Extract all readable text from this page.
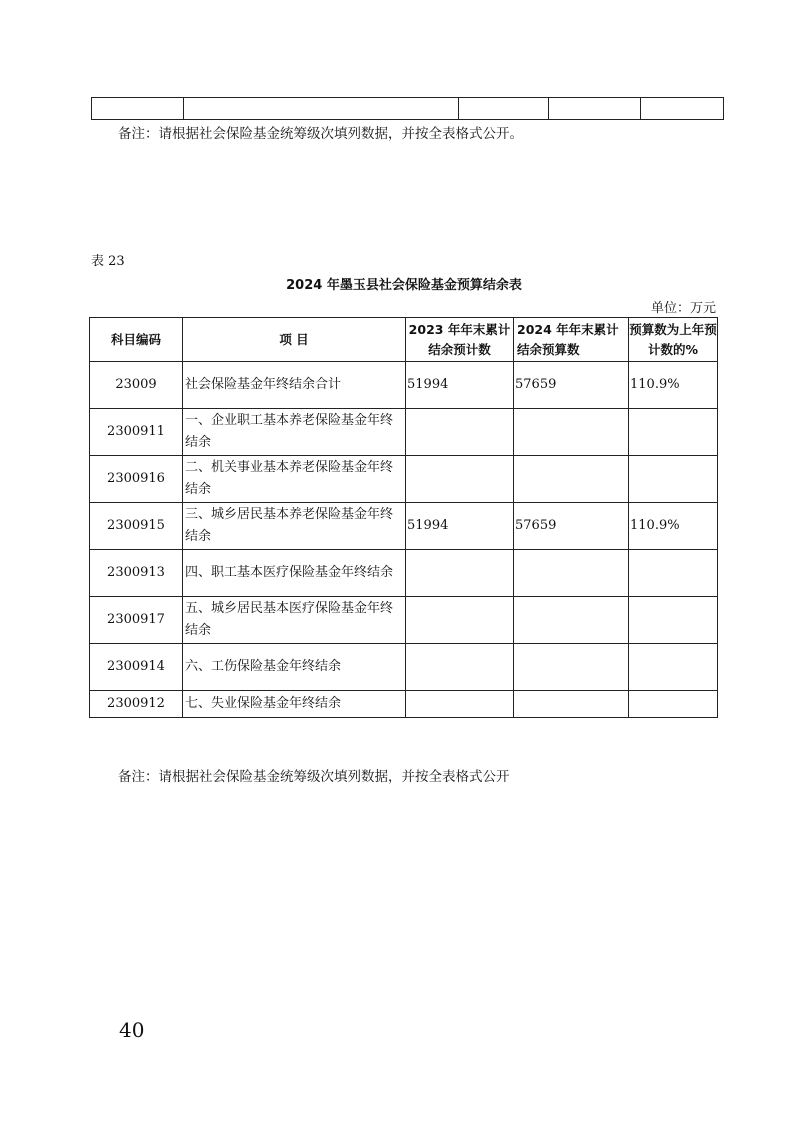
备注：请根据社会保险基金统筹级次填列数据，并按全表格式公开。
表 23
2024 年墨玉县社会保险基金预算结余表
单位：万元
科目编码	项 目	2023 年年末累计结余预计数	2024 年年末累计结余预算数	预算数为上年预计数的%
23009	社会保险基金年终结余合计	51994	57659	110.9%
2300911	一、企业职工基本养老保险基金年终结余			
2300916	二、机关事业基本养老保险基金年终结余			
2300915	三、城乡居民基本养老保险基金年终结余	51994	57659	110.9%
2300913	四、职工基本医疗保险基金年终结余			
2300917	五、城乡居民基本医疗保险基金年终结余			
2300914	六、工伤保险基金年终结余			
2300912	七、失业保险基金年终结余			
备注：请根据社会保险基金统筹级次填列数据，并按全表格式公开
40
